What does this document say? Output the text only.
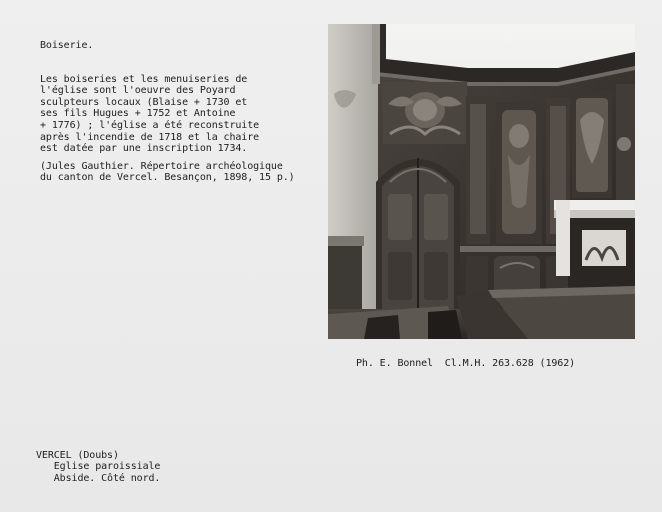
Boiserie.

Les boiseries et les menuiseries de
l'église sont l'oeuvre des Poyard
sculpteurs locaux (Blaise + 1730 et
ses fils Hugues + 1752 et Antoine
+ 1776) ; l'église a été reconstruite
après l'incendie de 1718 et la chaire
est datée par une inscription 1734.

(Jules Gauthier. Répertoire archéologique
du canton de Vercel. Besançon, 1898, 15 p.)

Ph. E. Bonnel  Cl.M.H. 263.628 (1962)

VERCEL (Doubs)
Eglise paroissiale
Abside. Côté nord.
